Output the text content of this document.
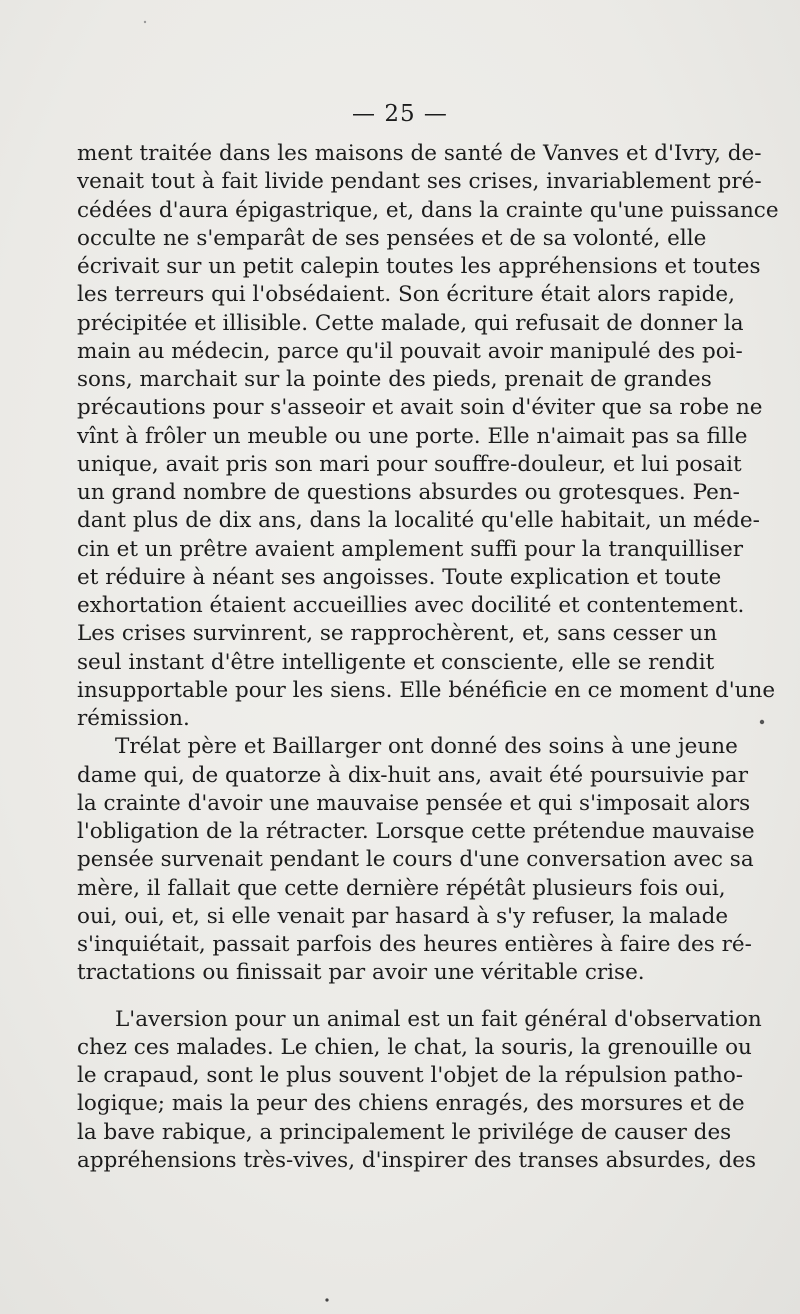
— 25 —
ment traitée dans les maisons de santé de Vanves et d'Ivry, de-
venait tout à fait livide pendant ses crises, invariablement pré-
cédées d'aura épigastrique, et, dans la crainte qu'une puissance
occulte ne s'emparât de ses pensées et de sa volonté, elle
écrivait sur un petit calepin toutes les appréhensions et toutes
les terreurs qui l'obsédaient. Son écriture était alors rapide,
précipitée et illisible. Cette malade, qui refusait de donner la
main au médecin, parce qu'il pouvait avoir manipulé des poi-
sons, marchait sur la pointe des pieds, prenait de grandes
précautions pour s'asseoir et avait soin d'éviter que sa robe ne
vînt à frôler un meuble ou une porte. Elle n'aimait pas sa fille
unique, avait pris son mari pour souffre-douleur, et lui posait
un grand nombre de questions absurdes ou grotesques. Pen-
dant plus de dix ans, dans la localité qu'elle habitait, un méde-
cin et un prêtre avaient amplement suffi pour la tranquilliser
et réduire à néant ses angoisses. Toute explication et toute
exhortation étaient accueillies avec docilité et contentement.
Les crises survinrent, se rapprochèrent, et, sans cesser un
seul instant d'être intelligente et consciente, elle se rendit
insupportable pour les siens. Elle bénéficie en ce moment d'une
rémission.
Trélat père et Baillarger ont donné des soins à une jeune
dame qui, de quatorze à dix-huit ans, avait été poursuivie par
la crainte d'avoir une mauvaise pensée et qui s'imposait alors
l'obligation de la rétracter. Lorsque cette prétendue mauvaise
pensée survenait pendant le cours d'une conversation avec sa
mère, il fallait que cette dernière répétât plusieurs fois oui,
oui, oui, et, si elle venait par hasard à s'y refuser, la malade
s'inquiétait, passait parfois des heures entières à faire des ré-
tractations ou finissait par avoir une véritable crise.
L'aversion pour un animal est un fait général d'observation
chez ces malades. Le chien, le chat, la souris, la grenouille ou
le crapaud, sont le plus souvent l'objet de la répulsion patho-
logique; mais la peur des chiens enragés, des morsures et de
la bave rabique, a principalement le privilége de causer des
appréhensions très-vives, d'inspirer des transes absurdes, des
